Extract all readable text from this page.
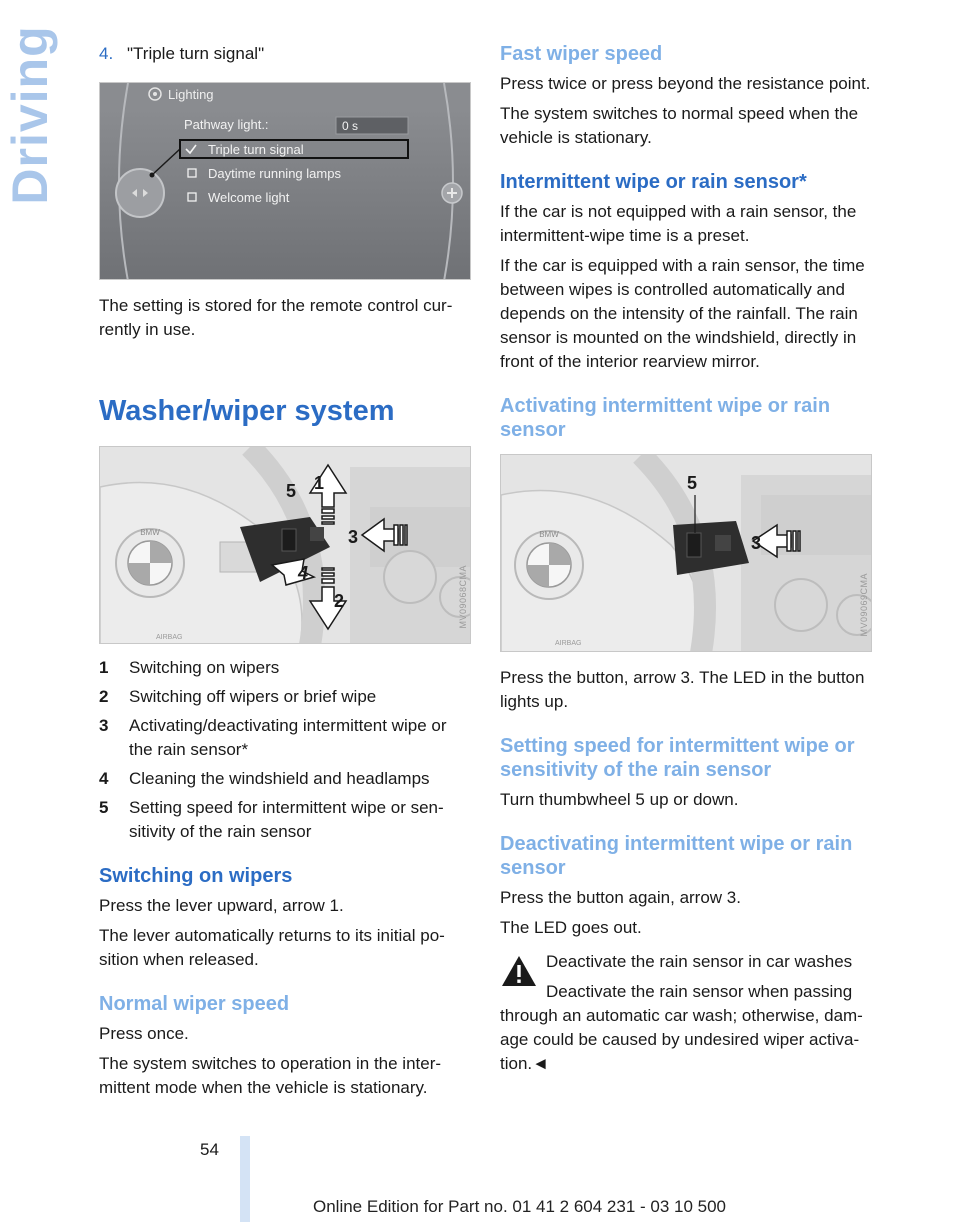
Driving 4. "Triple turn signal"
Lighting
Pathway light.:	0 s
Triple turn signal
Daytime running lamps
Welcome light

The setting is stored for the remote control cur-rently in use.

Washer/wiper system
BMW
AIRBAG
5 1
3
4
2	MV09068CMA
1	Switching on wipers
2	Switching off wipers or brief wipe
3	Activating/deactivating intermittent wipe or the rain sensor*
4	Cleaning the windshield and headlamps
5	Setting speed for intermittent wipe or sen-sitivity of the rain sensor
Switching on wipers

Press the lever upward, arrow 1.

The lever automatically returns to its initial po-sition when released.

Normal wiper speed

Press once.

The system switches to operation in the inter-mittent mode when the vehicle is stationary.

Fast wiper speed

Press twice or press beyond the resistance point.

The system switches to normal speed when the vehicle is stationary.

Intermittent wipe or rain sensor*

If the car is not equipped with a rain sensor, the intermittent-wipe time is a preset.

If the car is equipped with a rain sensor, the time between wipes is controlled automatically and depends on the intensity of the rainfall. The rain sensor is mounted on the windshield, directly in front of the interior rearview mirror.

Activating intermittent wipe or rain sensor
BMW
AIRBAG
5
3
MV09069CMA

Press the button, arrow 3. The LED in the button lights up.

Setting speed for intermittent wipe or sensitivity of the rain sensor

Turn thumbwheel 5 up or down.

Deactivating intermittent wipe or rain sensor

Press the button again, arrow 3.

The LED goes out.

Deactivate the rain sensor in car washes
Deactivate the rain sensor when passing through an automatic car wash; otherwise, dam-age could be caused by undesired wiper activa-tion.◄
54
Online Edition for Part no. 01 41 2 604 231 - 03 10 500
